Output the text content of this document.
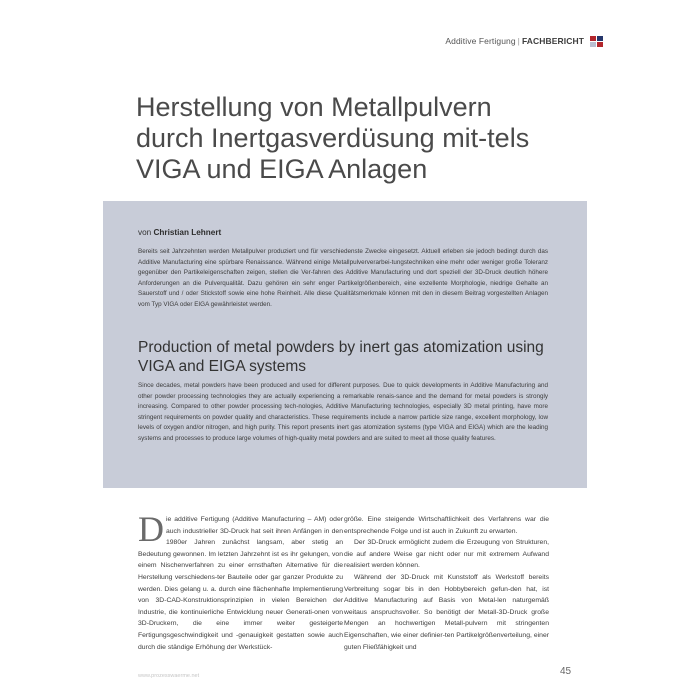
Additive Fertigung | FACHBERICHT
Herstellung von Metallpulvern durch Inertgasverdüsung mit-tels VIGA und EIGA Anlagen
von Christian Lehnert

Bereits seit Jahrzehnten werden Metallpulver produziert und für verschiedenste Zwecke eingesetzt. Aktuell erleben sie jedoch bedingt durch das Additive Manufacturing eine spürbare Renaissance. Während einige Metallpulververarbei-tungstechniken eine mehr oder weniger große Toleranz gegenüber den Partikeleigenschaften zeigen, stellen die Ver-fahren des Additive Manufacturing und dort speziell der 3D-Druck deutlich höhere Anforderungen an die Pulverqualität. Dazu gehören ein sehr enger Partikelgrößenbereich, eine exzellente Morphologie, niedrige Gehalte an Sauerstoff und / oder Stickstoff sowie eine hohe Reinheit. Alle diese Qualitätsmerkmale können mit den in diesem Beitrag vorgestellten Anlagen vom Typ VIGA oder EIGA gewährleistet werden.

Production of metal powders by inert gas atomization using VIGA and EIGA systems

Since decades, metal powders have been produced and used for different purposes. Due to quick developments in Additive Manufacturing and other powder processing technologies they are actually experiencing a remarkable renais-sance and the demand for metal powders is strongly increasing. Compared to other powder processing tech-nologies, Additive Manufacturing technologies, especially 3D metal printing, have more stringent requirements on powder quality and characteristics. These requirements include a narrow particle size range, excellent morphology, low levels of oxygen and/or nitrogen, and high purity. This report presents inert gas atomization systems (type VIGA and EIGA) which are the leading systems and processes to produce large volumes of high-quality metal powders and are suited to meet all those quality features.

Die additive Fertigung (Additive Manufacturing – AM) oder auch industrieller 3D-Druck hat seit ihren Anfängen in den 1980er Jahren zunächst langsam, aber stetig an Bedeutung gewonnen. Im letzten Jahrzehnt ist es ihr gelungen, von einem Nischenverfahren zu einer ernsthaften Alternative für die Herstellung verschiedens-ter Bauteile oder gar ganzer Produkte zu werden. Dies gelang u. a. durch eine flächenhafte Implementierung von 3D-CAD-Konstruktionsprinzipien in vielen Bereichen der Industrie, die kontinuierliche Entwicklung neuer Generati-onen von 3D-Druckern, die eine immer weiter gesteigerte Fertigungsgeschwindigkeit und -genauigkeit gestatten sowie auch durch die ständige Erhöhung der Werkstück-

größe. Eine steigende Wirtschaftlichkeit des Verfahrens war die entsprechende Folge und ist auch in Zukunft zu erwarten.

Der 3D-Druck ermöglicht zudem die Erzeugung von Strukturen, die auf andere Weise gar nicht oder nur mit extremem Aufwand realisiert werden können.

Während der 3D-Druck mit Kunststoff als Werkstoff bereits Verbreitung sogar bis in den Hobbybereich gefun-den hat, ist Additive Manufacturing auf Basis von Metal-len naturgemäß weitaus anspruchsvoller. So benötigt der Metall-3D-Druck große Mengen an hochwertigen Metall-pulvern mit stringenten Eigenschaften, wie einer definier-ten Partikelgrößenverteilung, einer guten Fließfähigkeit und

www.prozesswaerme.net	45
